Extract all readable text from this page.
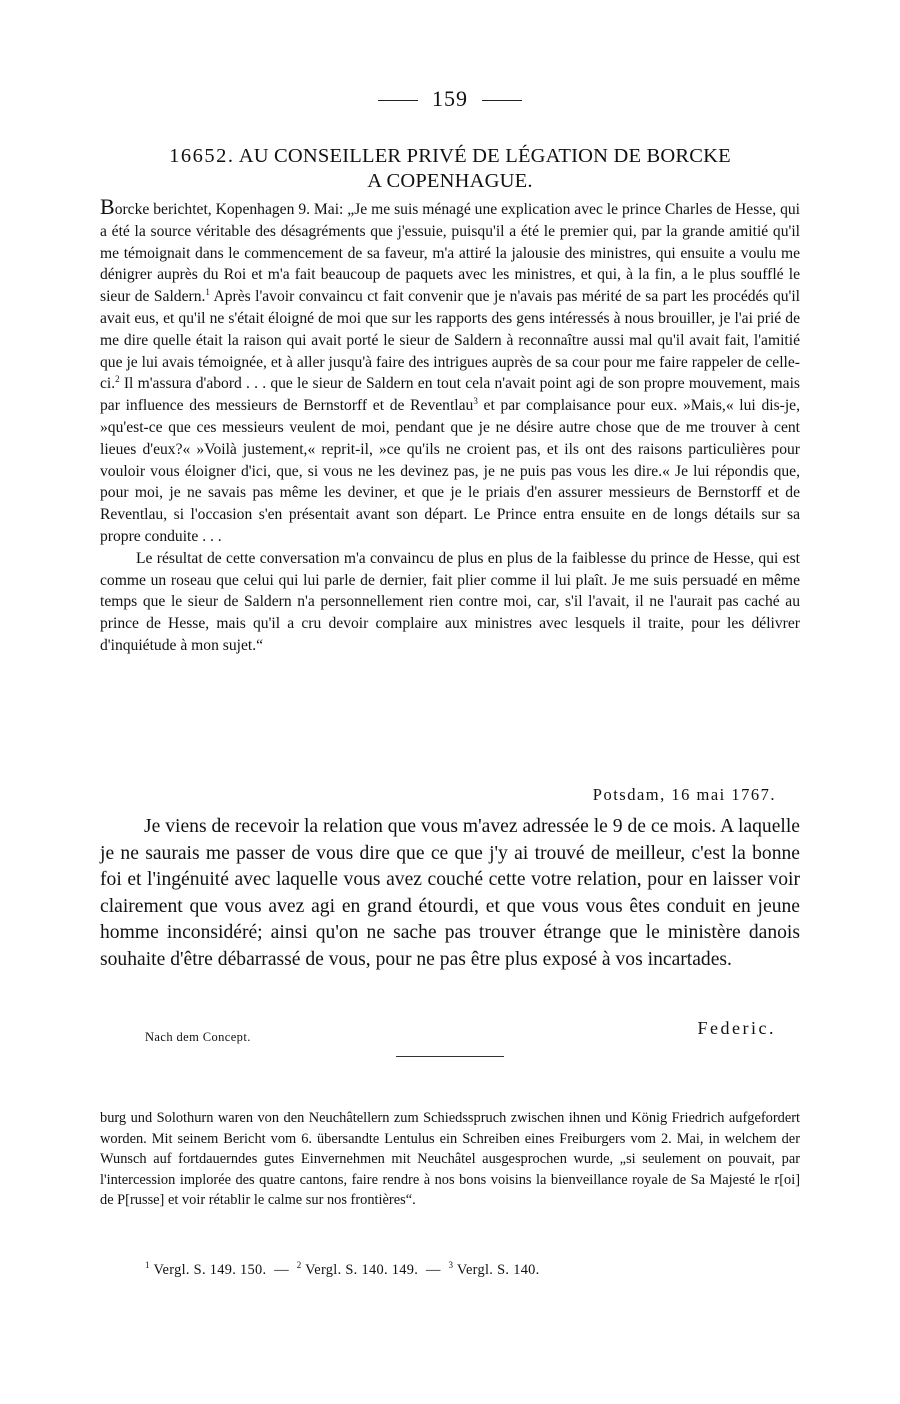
159
16652. AU CONSEILLER PRIVÉ DE LÉGATION DE BORCKE
A COPENHAGUE.

Borcke berichtet, Kopenhagen 9. Mai: „Je me suis ménagé une explication avec le prince Charles de Hesse, qui a été la source véritable des désagréments que j'essuie, puisqu'il a été le premier qui, par la grande amitié qu'il me témoignait dans le commencement de sa faveur, m'a attiré la jalousie des ministres, qui ensuite a voulu me dénigrer auprès du Roi et m'a fait beaucoup de paquets avec les ministres, et qui, à la fin, a le plus soufflé le sieur de Saldern.$^1$ Après l'avoir convaincu ct fait convenir que je n'avais pas mérité de sa part les procédés qu'il avait eus, et qu'il ne s'était éloigné de moi que sur les rapports des gens intéressés à nous brouiller, je l'ai prié de me dire quelle était la raison qui avait porté le sieur de Saldern à reconnaître aussi mal qu'il avait fait, l'amitié que je lui avais témoignée, et à aller jusqu'à faire des intrigues auprès de sa cour pour me faire rappeler de celle-ci.$^2$ Il m'assura d'abord . . . que le sieur de Saldern en tout cela n'avait point agi de son propre mouvement, mais par influence des messieurs de Bernstorff et de Reventlau$^3$ et par complaisance pour eux. »Mais,« lui dis-je, »qu'est-ce que ces messieurs veulent de moi, pendant que je ne désire autre chose que de me trouver à cent lieues d'eux?« »Voilà justement,« reprit-il, »ce qu'ils ne croient pas, et ils ont des raisons particulières pour vouloir vous éloigner d'ici, que, si vous ne les devinez pas, je ne puis pas vous les dire.« Je lui répondis que, pour moi, je ne savais pas même les deviner, et que je le priais d'en assurer messieurs de Bernstorff et de Reventlau, si l'occasion s'en présentait avant son départ. Le Prince entra ensuite en de longs détails sur sa propre conduite . . .

Le résultat de cette conversation m'a convaincu de plus en plus de la faiblesse du prince de Hesse, qui est comme un roseau que celui qui lui parle de dernier, fait plier comme il lui plaît. Je me suis persuadé en même temps que le sieur de Saldern n'a personnellement rien contre moi, car, s'il l'avait, il ne l'aurait pas caché au prince de Hesse, mais qu'il a cru devoir complaire aux ministres avec lesquels il traite, pour les délivrer d'inquiétude à mon sujet.“

Potsdam, 16 mai 1767.

Je viens de recevoir la relation que vous m'avez adressée le 9 de ce mois. A laquelle je ne saurais me passer de vous dire que ce que j'y ai trouvé de meilleur, c'est la bonne foi et l'ingénuité avec laquelle vous avez couché cette votre relation, pour en laisser voir clairement que vous avez agi en grand étourdi, et que vous vous êtes conduit en jeune homme inconsidéré; ainsi qu'on ne sache pas trouver étrange que le ministère danois souhaite d'être débarrassé de vous, pour ne pas être plus exposé à vos incartades.

Nach dem Concept.	Federic.

burg und Solothurn waren von den Neuchâtellern zum Schiedsspruch zwischen ihnen und König Friedrich aufgefordert worden. Mit seinem Bericht vom 6. übersandte Lentulus ein Schreiben eines Freiburgers vom 2. Mai, in welchem der Wunsch auf fortdauerndes gutes Einvernehmen mit Neuchâtel ausgesprochen wurde, „si seulement on pouvait, par l'intercession implorée des quatre cantons, faire rendre à nos bons voisins la bienveillance royale de Sa Majesté le r[oi] de P[russe] et voir rétablir le calme sur nos frontières“.

$^1$ Vergl. S. 149. 150. — $^2$ Vergl. S. 140. 149. — $^3$ Vergl. S. 140.
